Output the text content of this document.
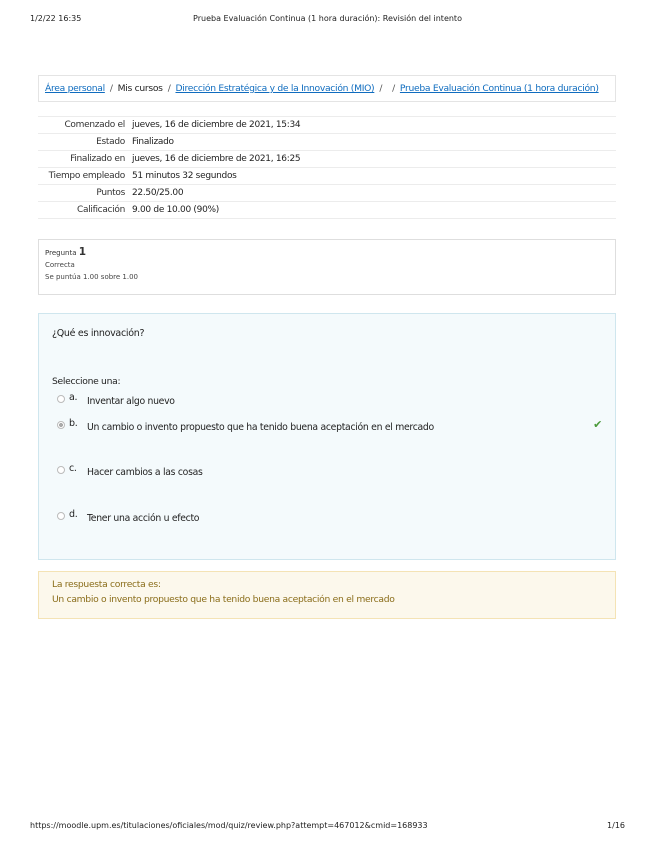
1/2/22 16:35	Prueba Evaluación Continua (1 hora duración): Revisión del intento
Área personal / Mis cursos / Dirección Estratégica y de la Innovación (MIO) / / Prueba Evaluación Continua (1 hora duración)
Comenzado el jueves, 16 de diciembre de 2021, 15:34
Estado Finalizado
Finalizado en jueves, 16 de diciembre de 2021, 16:25
Tiempo empleado 51 minutos 32 segundos
Puntos 22.50/25.00
Calificación 9.00 de 10.00 (90%)
Pregunta 1
Correcta
Se puntúa 1.00 sobre 1.00
¿Qué es innovación?
Seleccione una:
a. Inventar algo nuevo
b. Un cambio o invento propuesto que ha tenido buena aceptación en el mercado	✔
c. Hacer cambios a las cosas
d. Tener una acción u efecto
La respuesta correcta es:
Un cambio o invento propuesto que ha tenido buena aceptación en el mercado
https://moodle.upm.es/titulaciones/oficiales/mod/quiz/review.php?attempt=467012&cmid=168933	1/16
